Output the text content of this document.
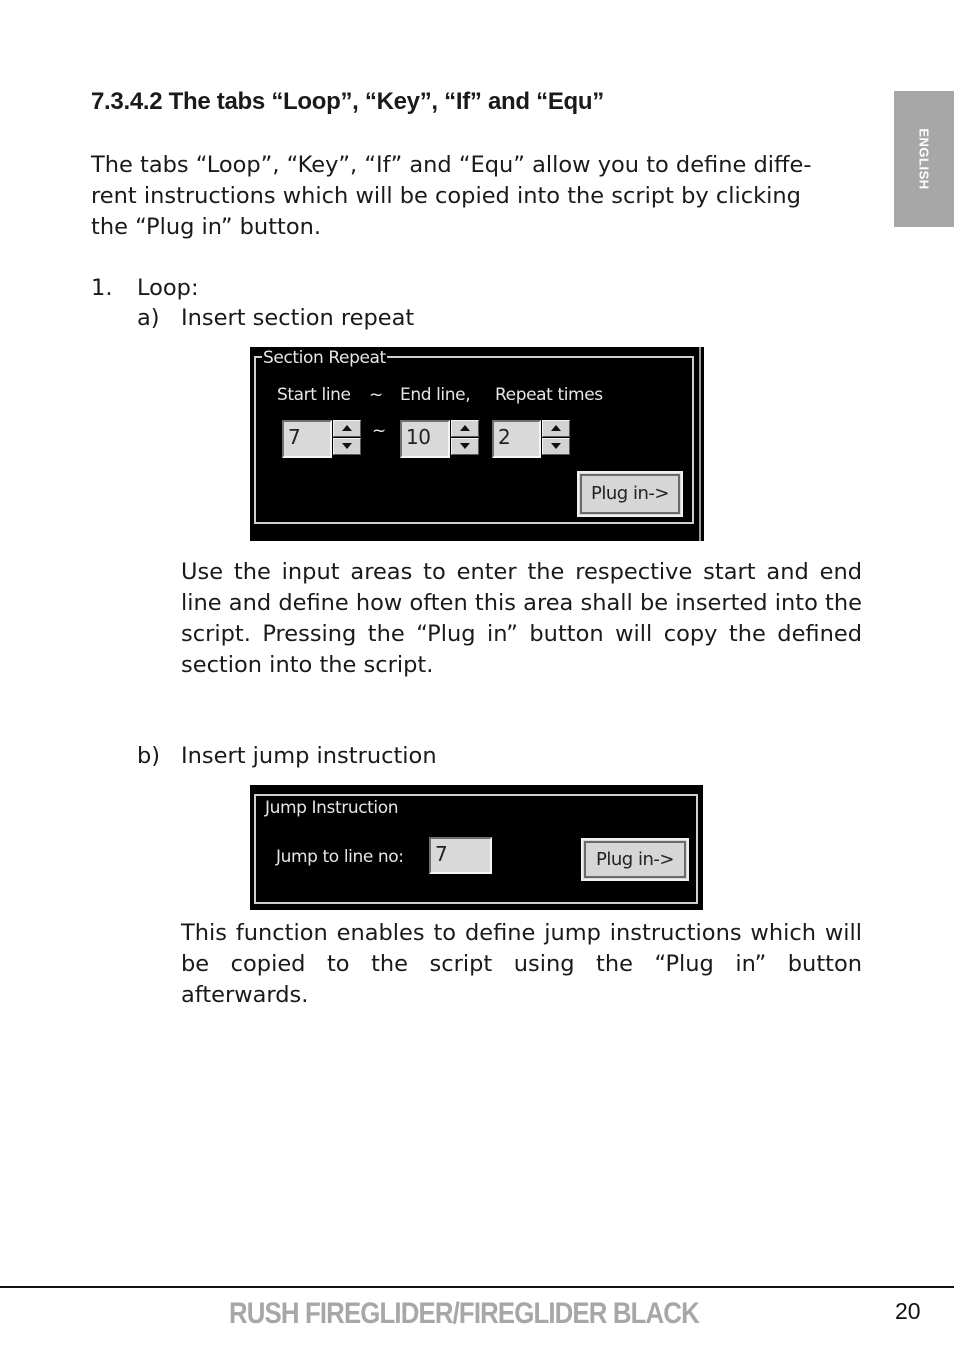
7.3.4.2 The tabs “Loop”, “Key”, “If” and “Equ”
ENGLISH
The tabs “Loop”, “Key”, “If” and “Equ” allow you to define diffe-
rent instructions which will be copied into the script by clicking
the “Plug in” button.
1. Loop:
a) Insert section repeat
Section Repeat
Start line ~ End line, Repeat times
7	~	10	2
Plug in->
Use the input areas to enter the respective start and end line and define how often this area shall be inserted into the script. Pressing the “Plug in” button will copy the defined section into the script.
b) Insert jump instruction
Jump Instruction
Jump to line no:	7	Plug in->
This function enables to define jump instructions which will be copied to the script using the “Plug in” button afterwards.
RUSH FIREGLIDER/FIREGLIDER BLACK	20
